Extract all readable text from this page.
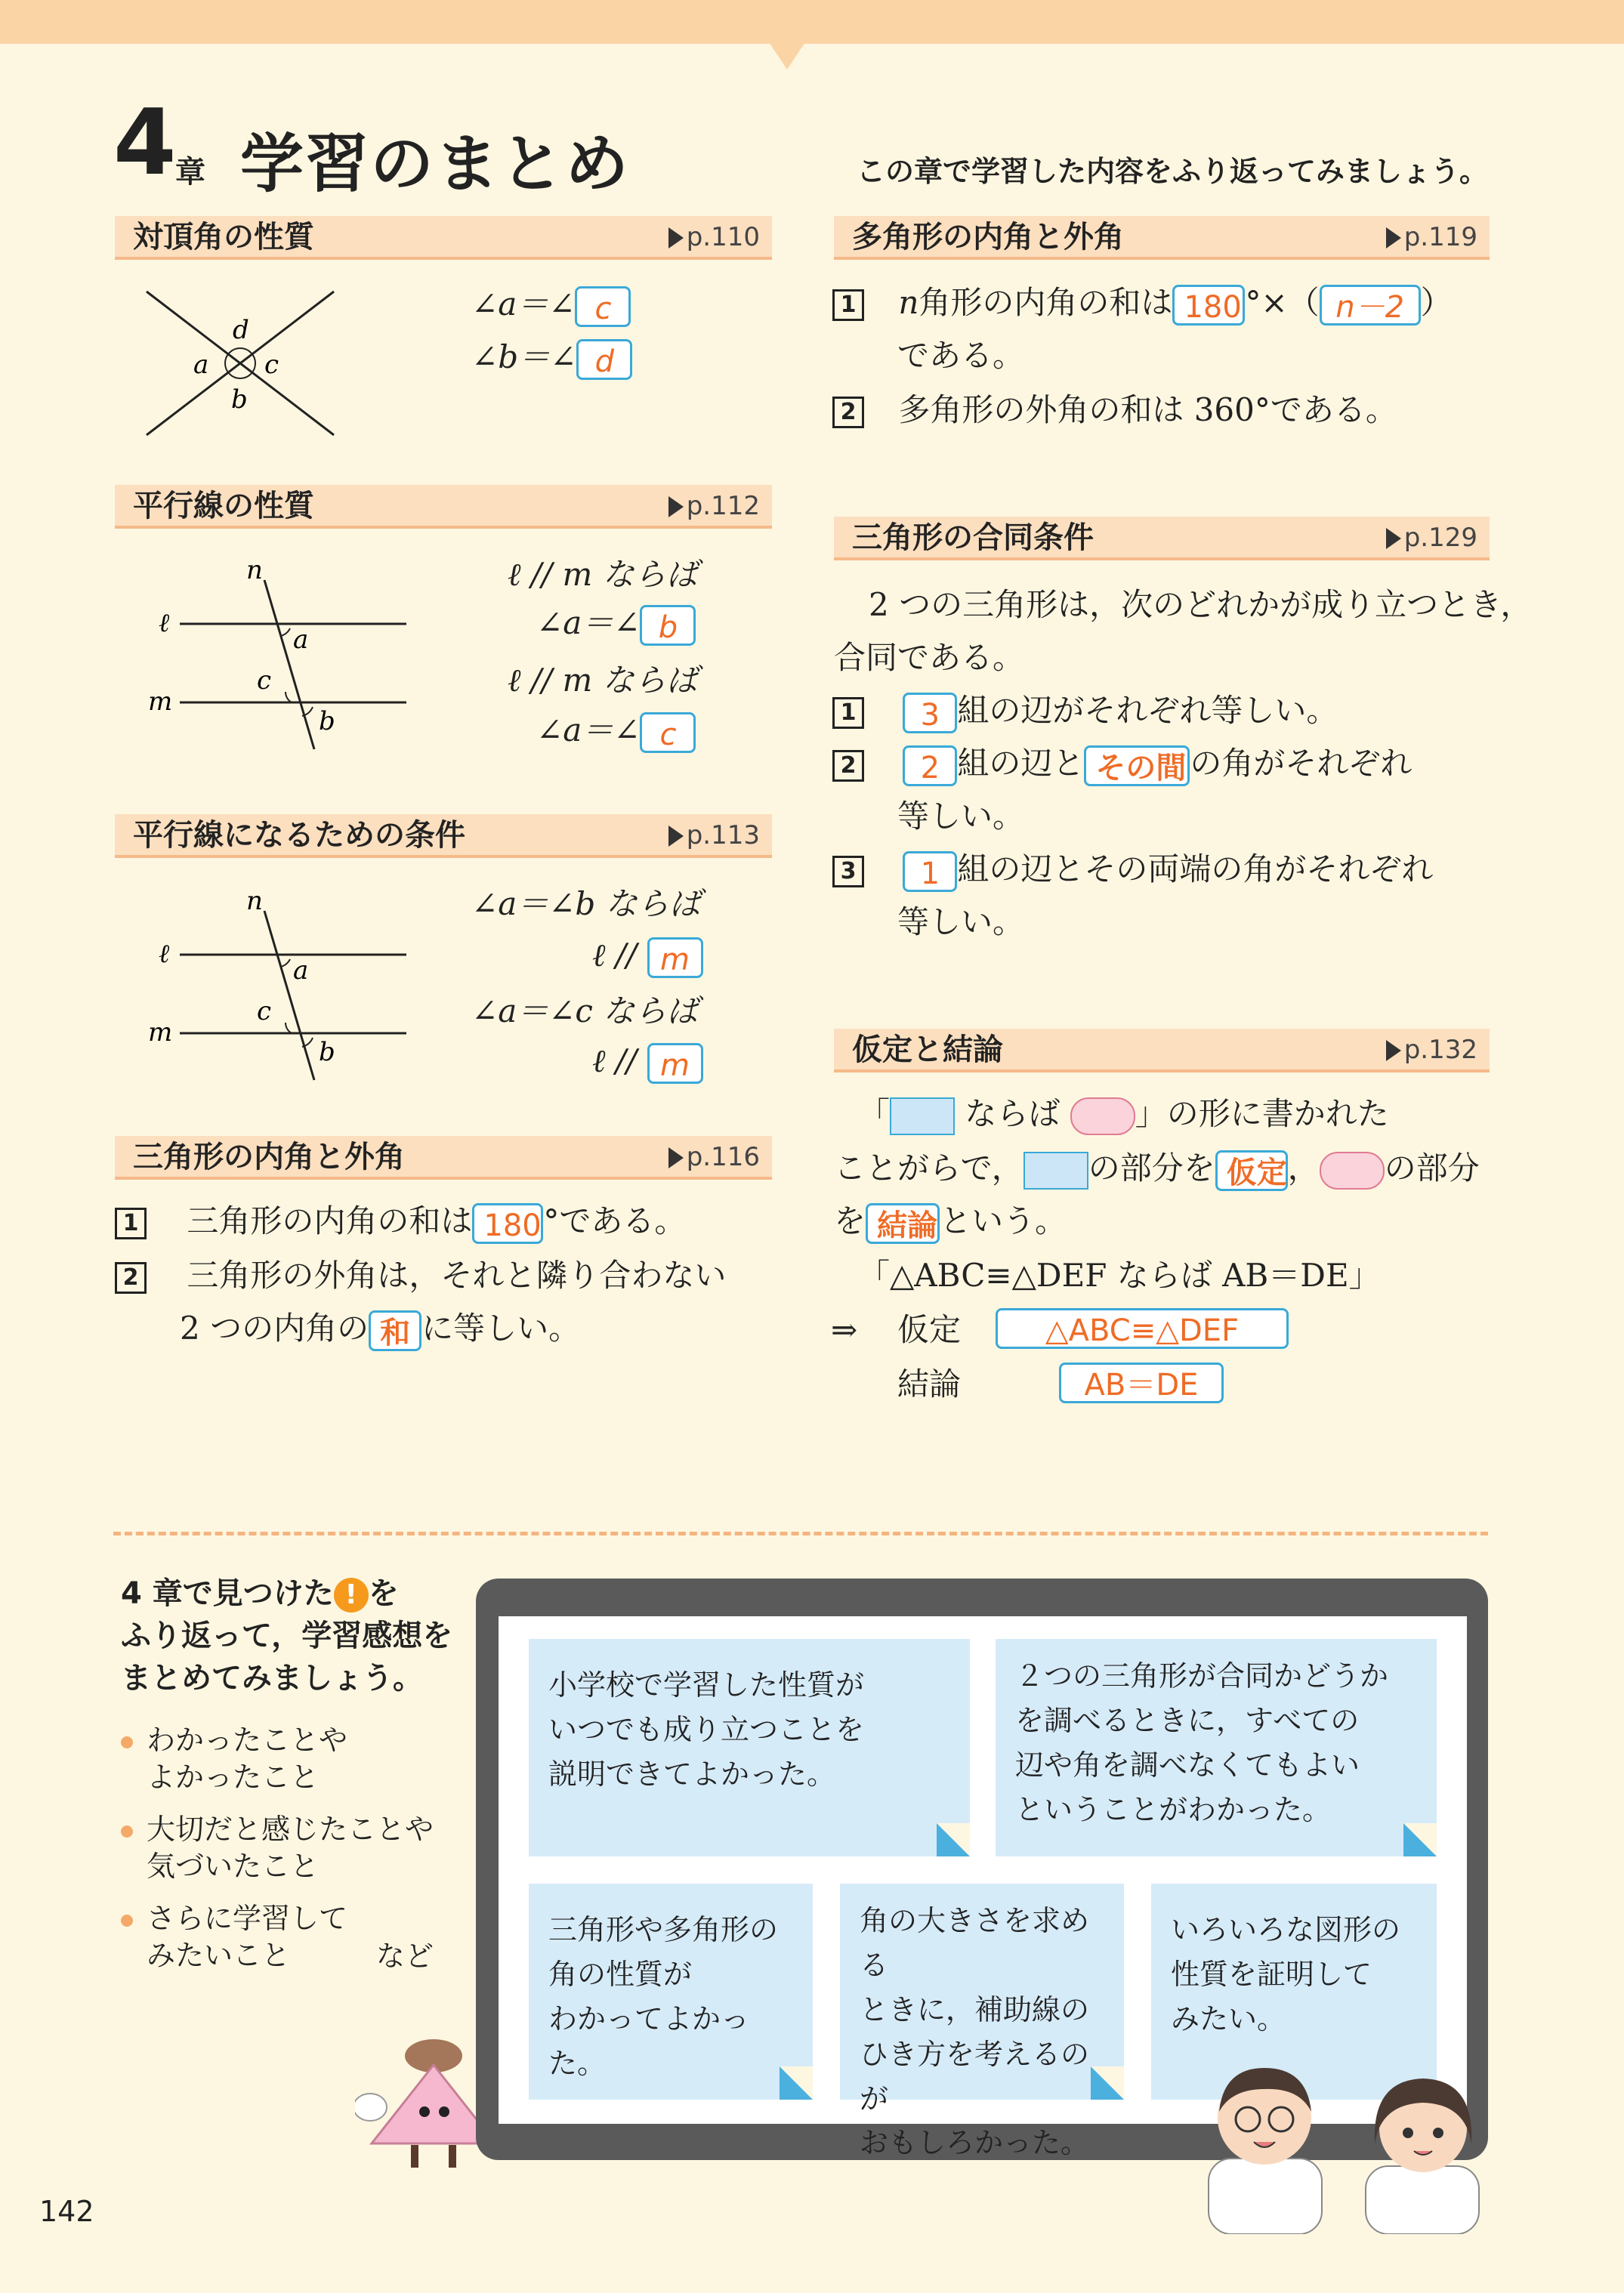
4
章 学習のまとめ	この章で学習した内容をふり返ってみましょう。
対頂角の性質	p.110
d
a c
b
∠a＝∠ c
∠b＝∠ d
平行線の性質	p.112
n
ℓ
m
a
c
b
ℓ // m ならば
∠a＝∠ b
ℓ // m ならば
∠a＝∠ c
平行線になるための条件	p.113
n
ℓ
m
a
c
b
∠a＝∠b ならば
ℓ // m
∠a＝∠c ならば
ℓ // m
三角形の内角と外角	p.116
1 三角形の内角の和は 180°である。
2 三角形の外角は，それと隣り合わない
2 つの内角の 和 に等しい。
多角形の内角と外角	p.119
1 n角形の内角の和は 180 °×（ n－2 ）
である。
2 多角形の外角の和は 360°である。
三角形の合同条件	p.129
2 つの三角形は，次のどれかが成り立つとき，
合同である。
1 3 組の辺がそれぞれ等しい。
2 2 組の辺と その間 の角がそれぞれ
等しい。
3 1 組の辺とその両端の角がそれぞれ
等しい。
仮定と結論	p.132
「 ならば 」の形に書かれた
ことがらで， の部分を 仮定， の部分
を 結論という。
「△ABC≡△DEF ならば AB＝DE」
⇒ 仮定	△ABC≡△DEF
結論	AB＝DE
4 章で見つけた ! を
ふり返って，学習感想を
まとめてみましょう。
わかったことや
よかったこと
大切だと感じたことや
気づいたこと
さらに学習して
みたいこと	など
小学校で学習した性質が
いつでも成り立つことを
説明できてよかった。
２つの三角形が合同かどうか
を調べるときに，すべての
辺や角を調べなくてもよい
ということがわかった。
三角形や多角形の
角の性質が
わかってよかった。
角の大きさを求める
ときに，補助線の
ひき方を考えるのが
おもしろかった。
いろいろな図形の
性質を証明して
みたい。
142
